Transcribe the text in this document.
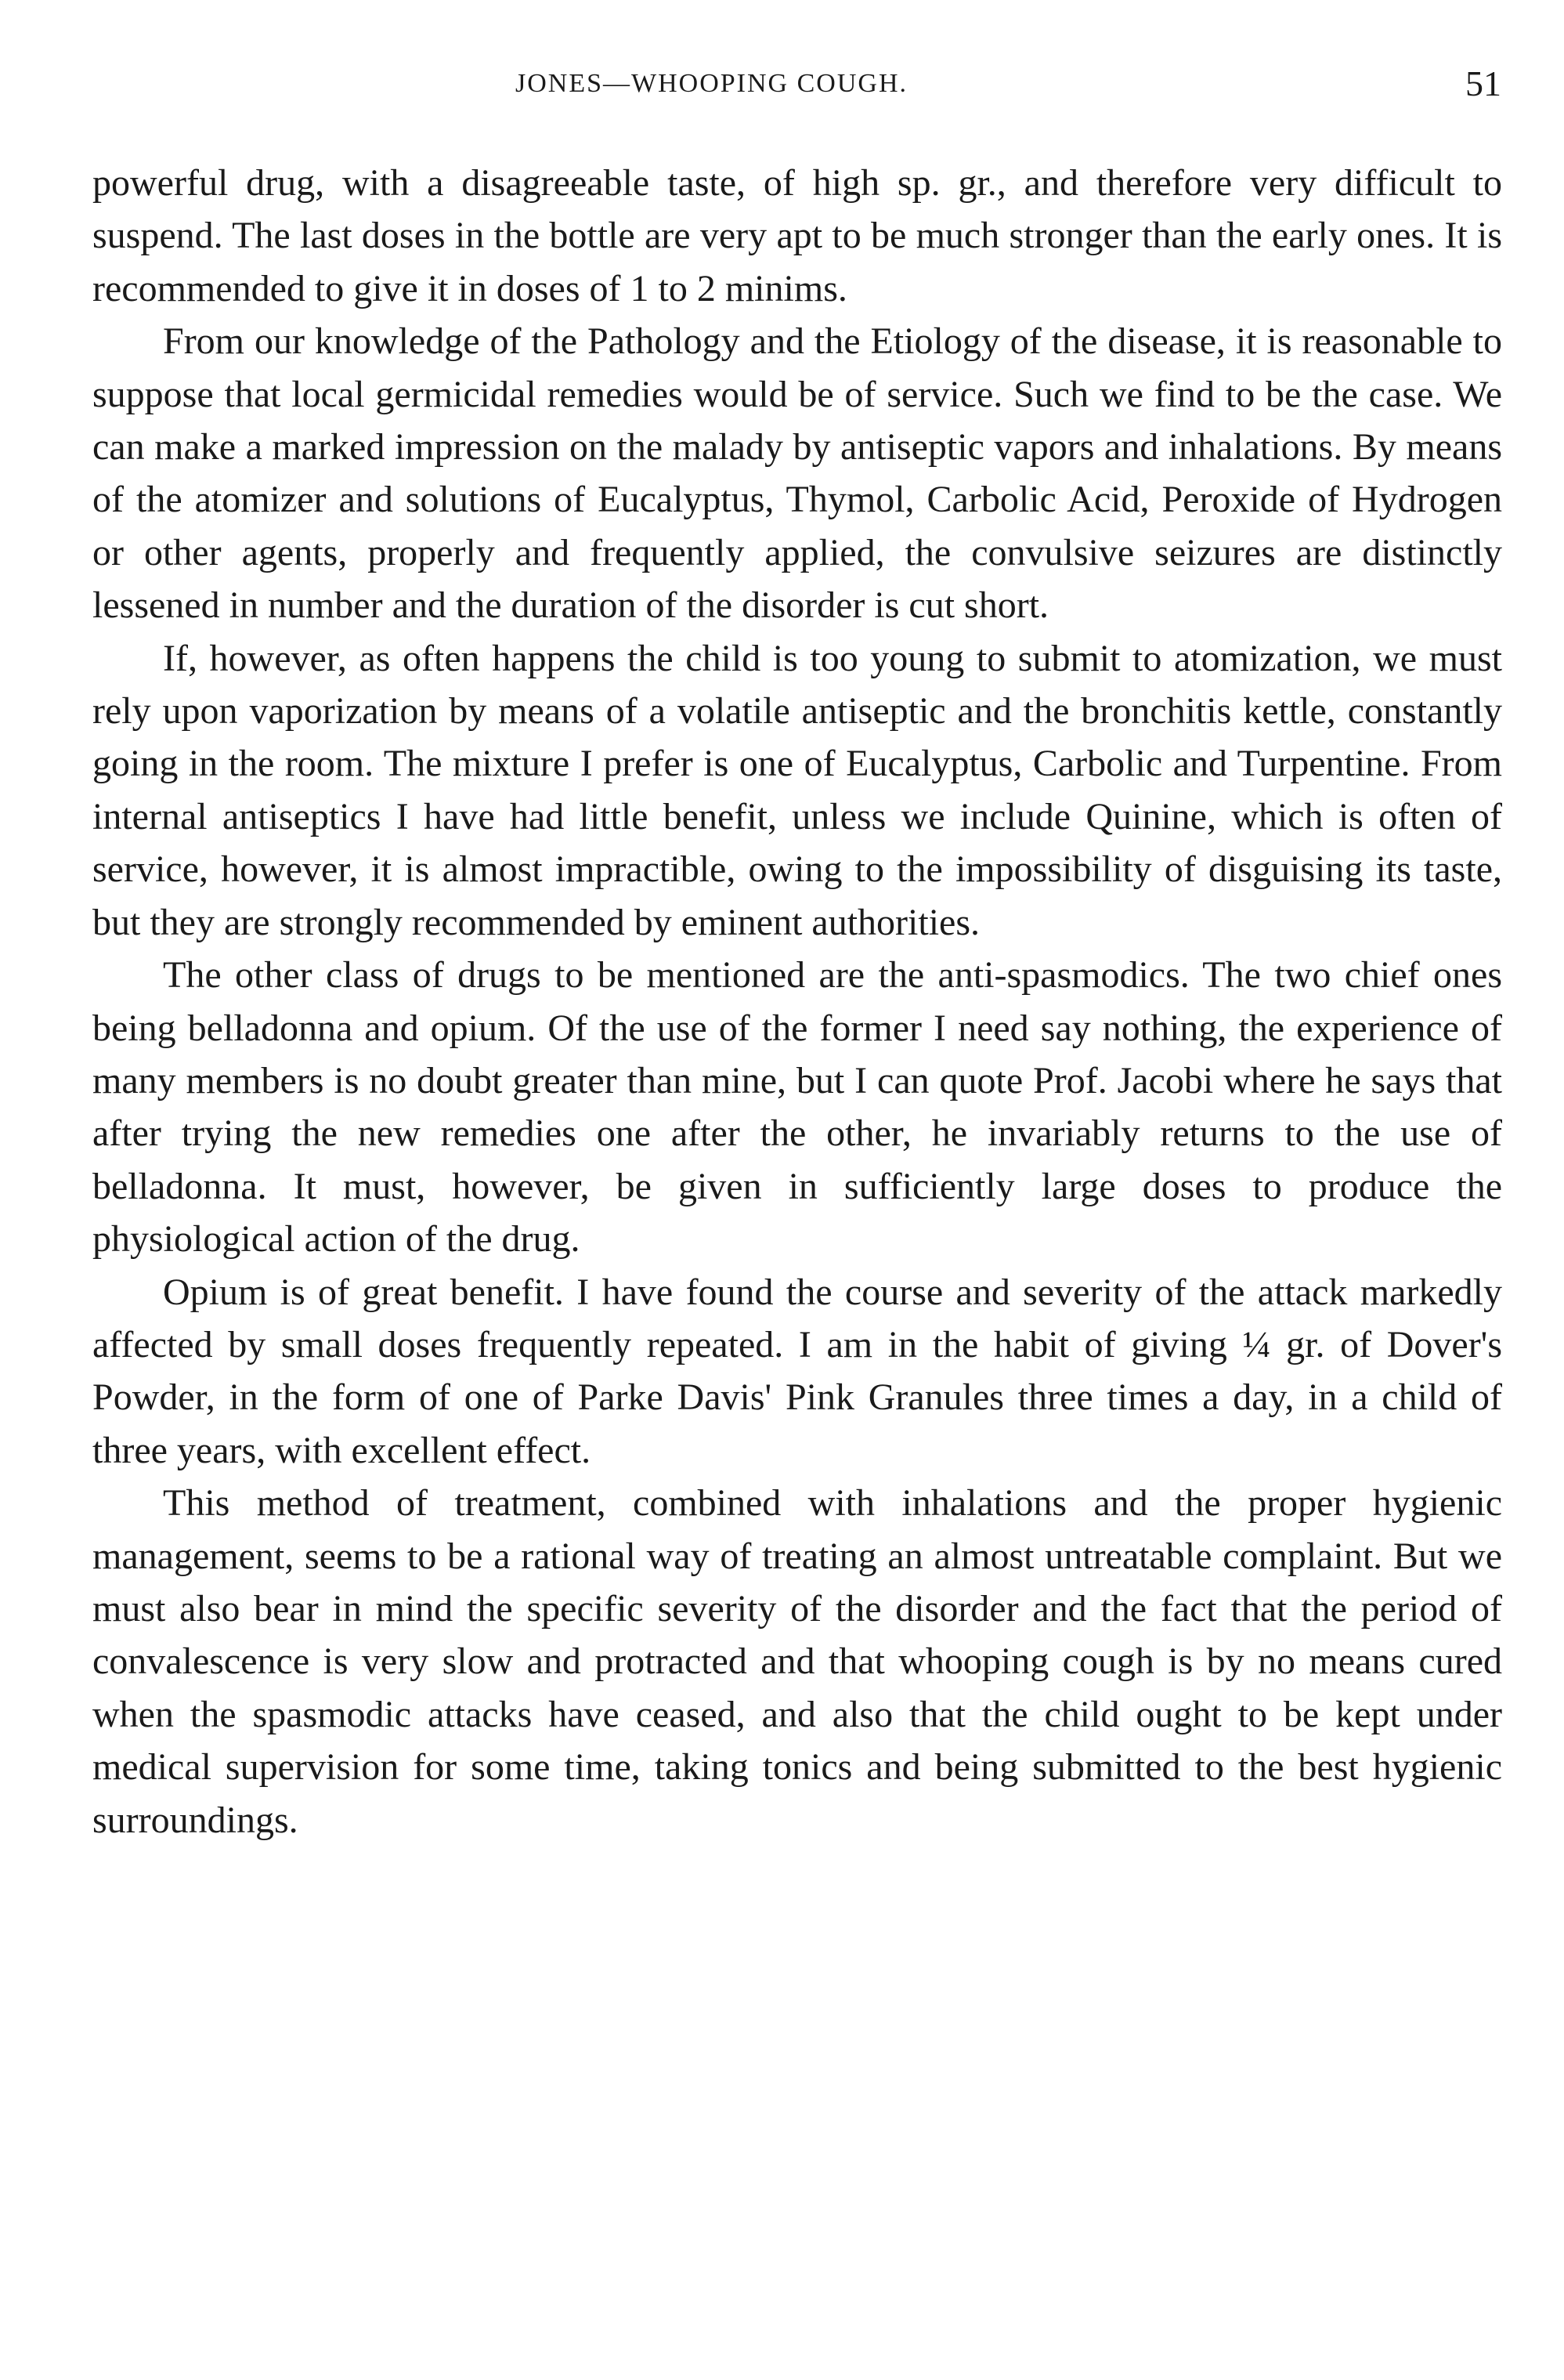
JONES—WHOOPING COUGH.	51

powerful drug, with a disagreeable taste, of high sp. gr., and therefore very difficult to suspend. The last doses in the bottle are very apt to be much stronger than the early ones. It is recommended to give it in doses of 1 to 2 minims.

From our knowledge of the Pathology and the Etiology of the disease, it is reasonable to suppose that local germicidal remedies would be of service. Such we find to be the case. We can make a marked impression on the malady by antiseptic vapors and inhalations. By means of the atomizer and solutions of Eucalyptus, Thymol, Carbolic Acid, Peroxide of Hydrogen or other agents, properly and frequently applied, the convulsive seizures are distinctly lessened in number and the duration of the disorder is cut short.

If, however, as often happens the child is too young to submit to atomization, we must rely upon vaporization by means of a volatile antiseptic and the bronchitis kettle, constantly going in the room. The mixture I prefer is one of Eucalyptus, Carbolic and Turpentine. From internal antiseptics I have had little benefit, unless we include Quinine, which is often of service, however, it is almost impractible, owing to the impossibility of disguising its taste, but they are strongly recommended by eminent authorities.

The other class of drugs to be mentioned are the anti-spasmodics. The two chief ones being belladonna and opium. Of the use of the former I need say nothing, the experience of many members is no doubt greater than mine, but I can quote Prof. Jacobi where he says that after trying the new remedies one after the other, he invariably returns to the use of belladonna. It must, however, be given in sufficiently large doses to produce the physiological action of the drug.

Opium is of great benefit. I have found the course and severity of the attack markedly affected by small doses frequently repeated. I am in the habit of giving ¼ gr. of Dover's Powder, in the form of one of Parke Davis' Pink Granules three times a day, in a child of three years, with excellent effect.

This method of treatment, combined with inhalations and the proper hygienic management, seems to be a rational way of treating an almost untreatable complaint. But we must also bear in mind the specific severity of the disorder and the fact that the period of convalescence is very slow and protracted and that whooping cough is by no means cured when the spasmodic attacks have ceased, and also that the child ought to be kept under medical supervision for some time, taking tonics and being submitted to the best hygienic surroundings.
